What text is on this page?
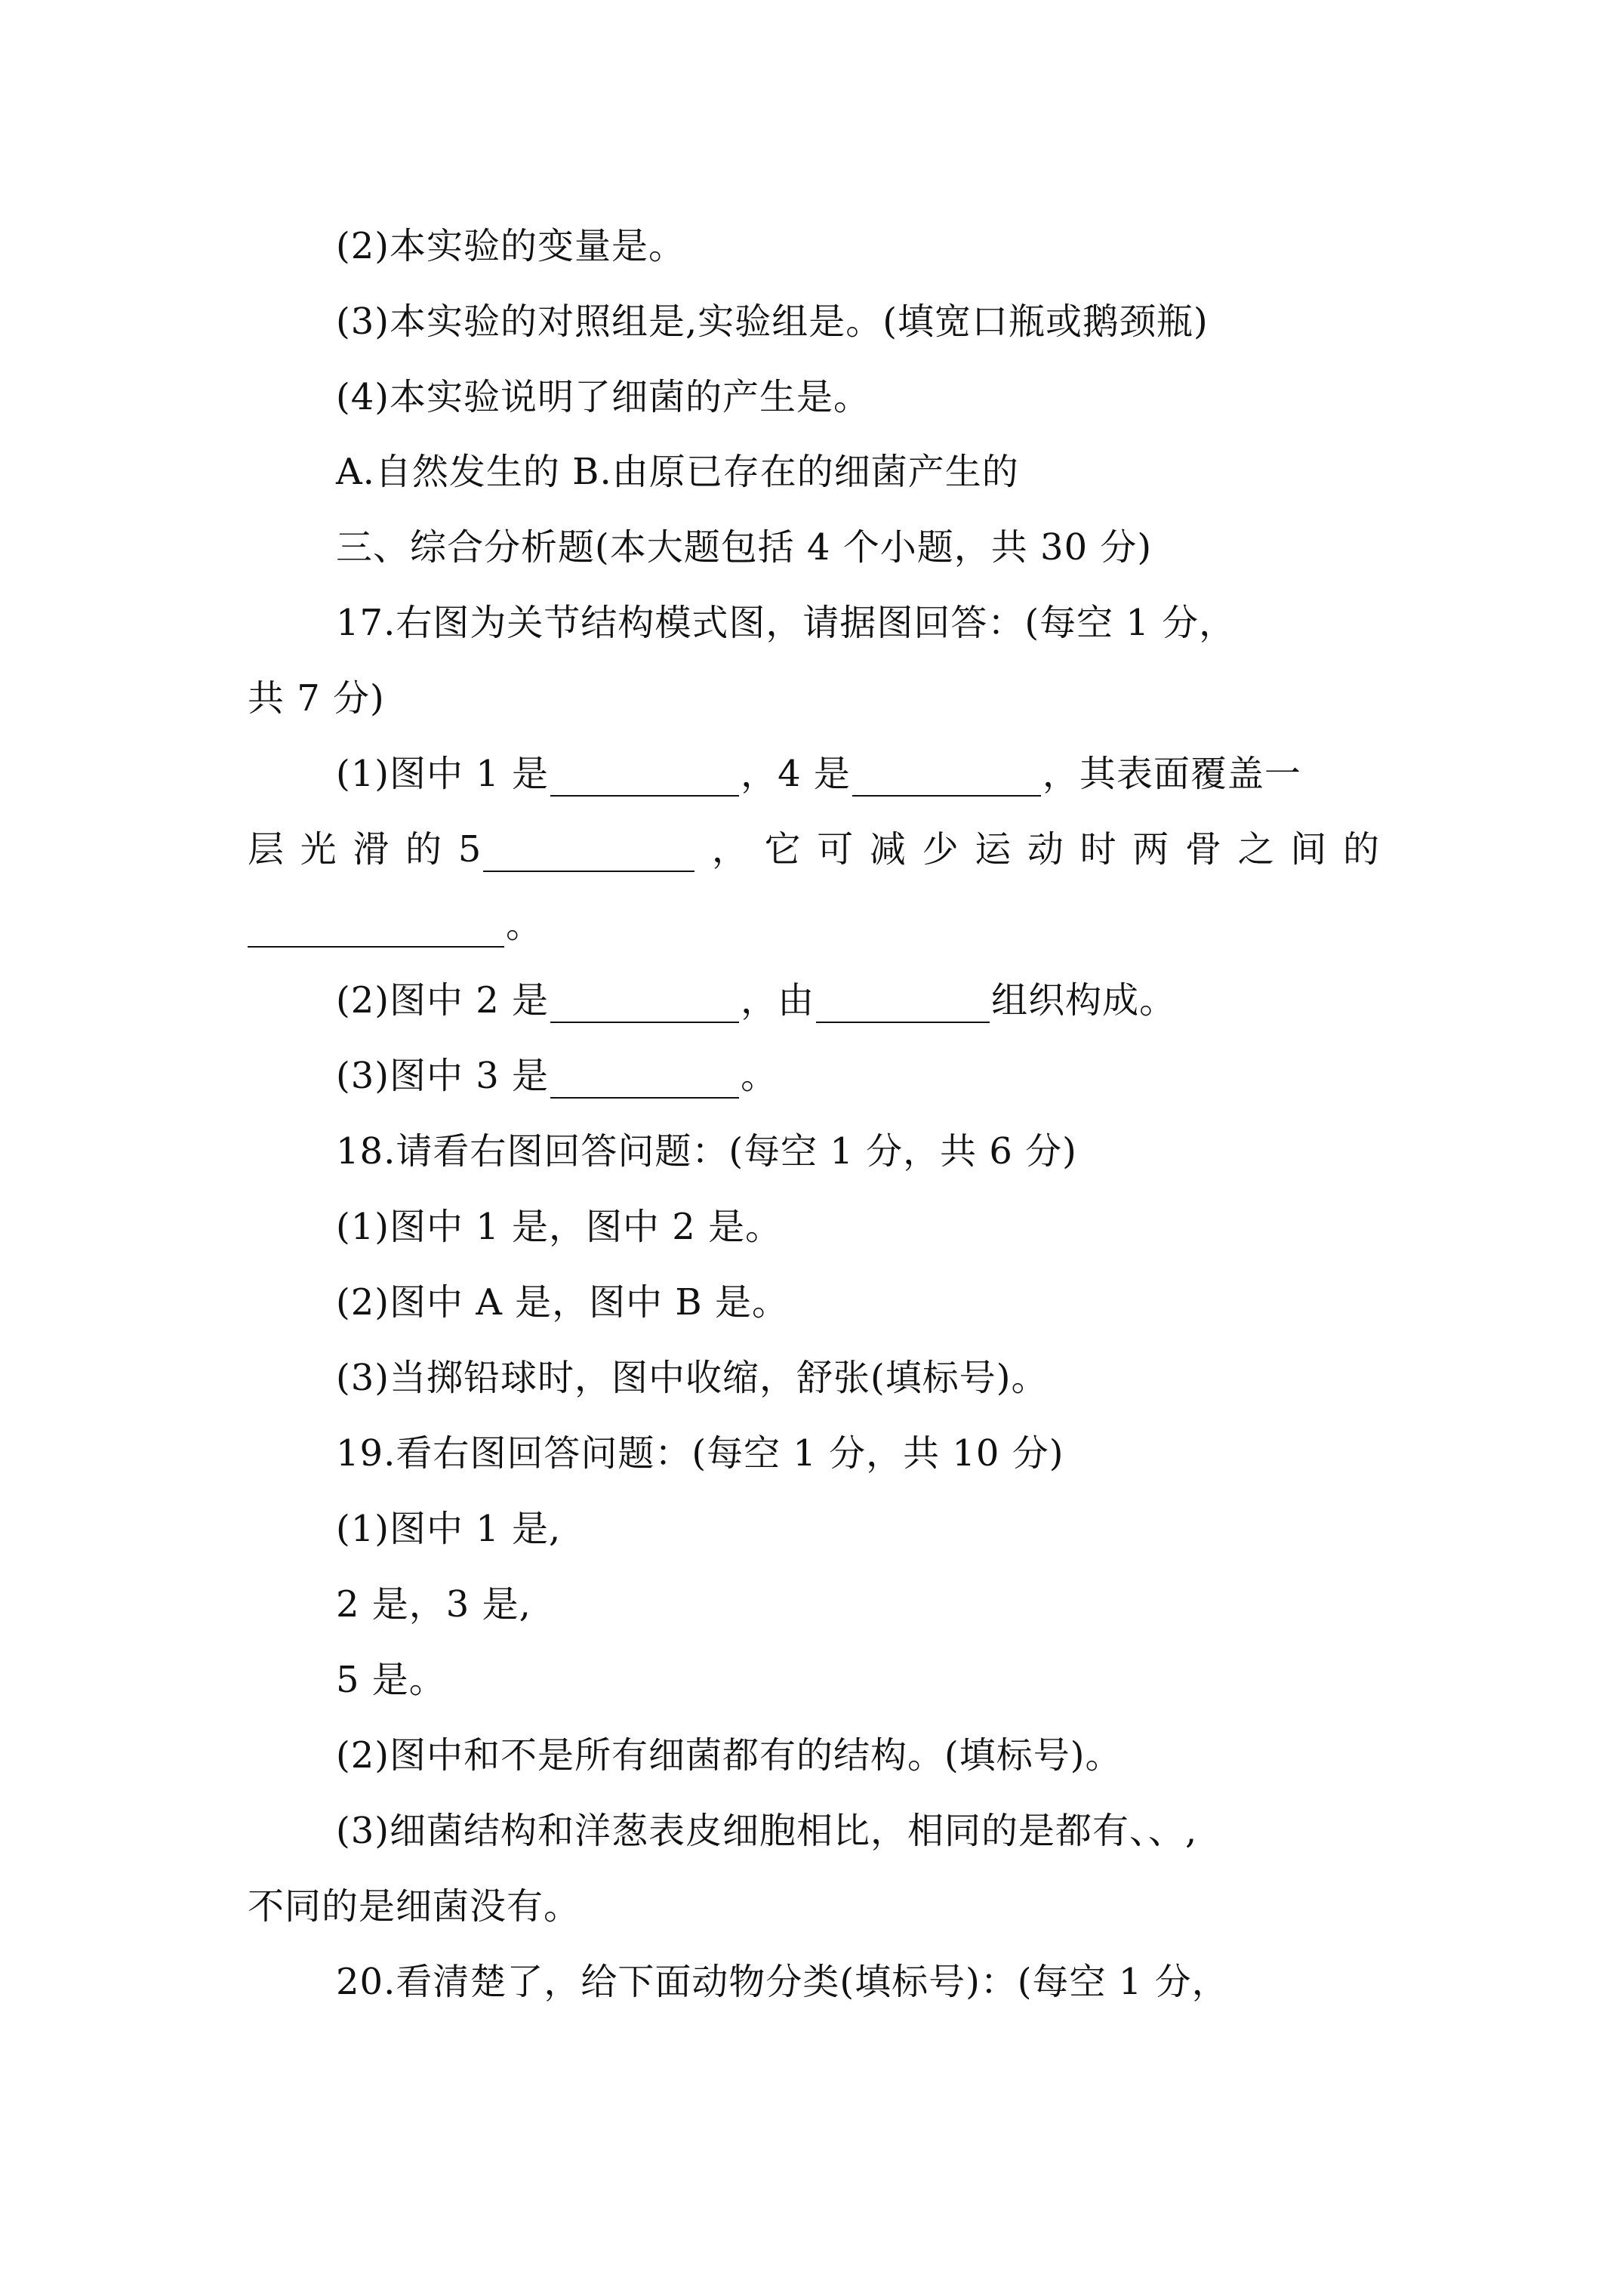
(2)本实验的变量是。
(3)本实验的对照组是,实验组是。(填宽口瓶或鹅颈瓶)
(4)本实验说明了细菌的产生是。
A.自然发生的 B.由原已存在的细菌产生的
三、综合分析题(本大题包括 4 个小题，共 30 分)
17.右图为关节结构模式图，请据图回答：(每空 1 分，
共 7 分)
(1)图中 1 是	，4 是	，其表面覆盖一
层 光 滑 的 5	， 它 可 减 少 运 动 时 两 骨 之 间 的
。
(2)图中 2 是	，由	组织构成。
(3)图中 3 是	。
18.请看右图回答问题：(每空 1 分，共 6 分)
(1)图中 1 是，图中 2 是。
(2)图中 A 是，图中 B 是。
(3)当掷铅球时，图中收缩，舒张(填标号)。
19.看右图回答问题：(每空 1 分，共 10 分)
(1)图中 1 是,
2 是，3 是,
5 是。
(2)图中和不是所有细菌都有的结构。(填标号)。
(3)细菌结构和洋葱表皮细胞相比，相同的是都有、、,
不同的是细菌没有。
20.看清楚了，给下面动物分类(填标号)：(每空 1 分，
